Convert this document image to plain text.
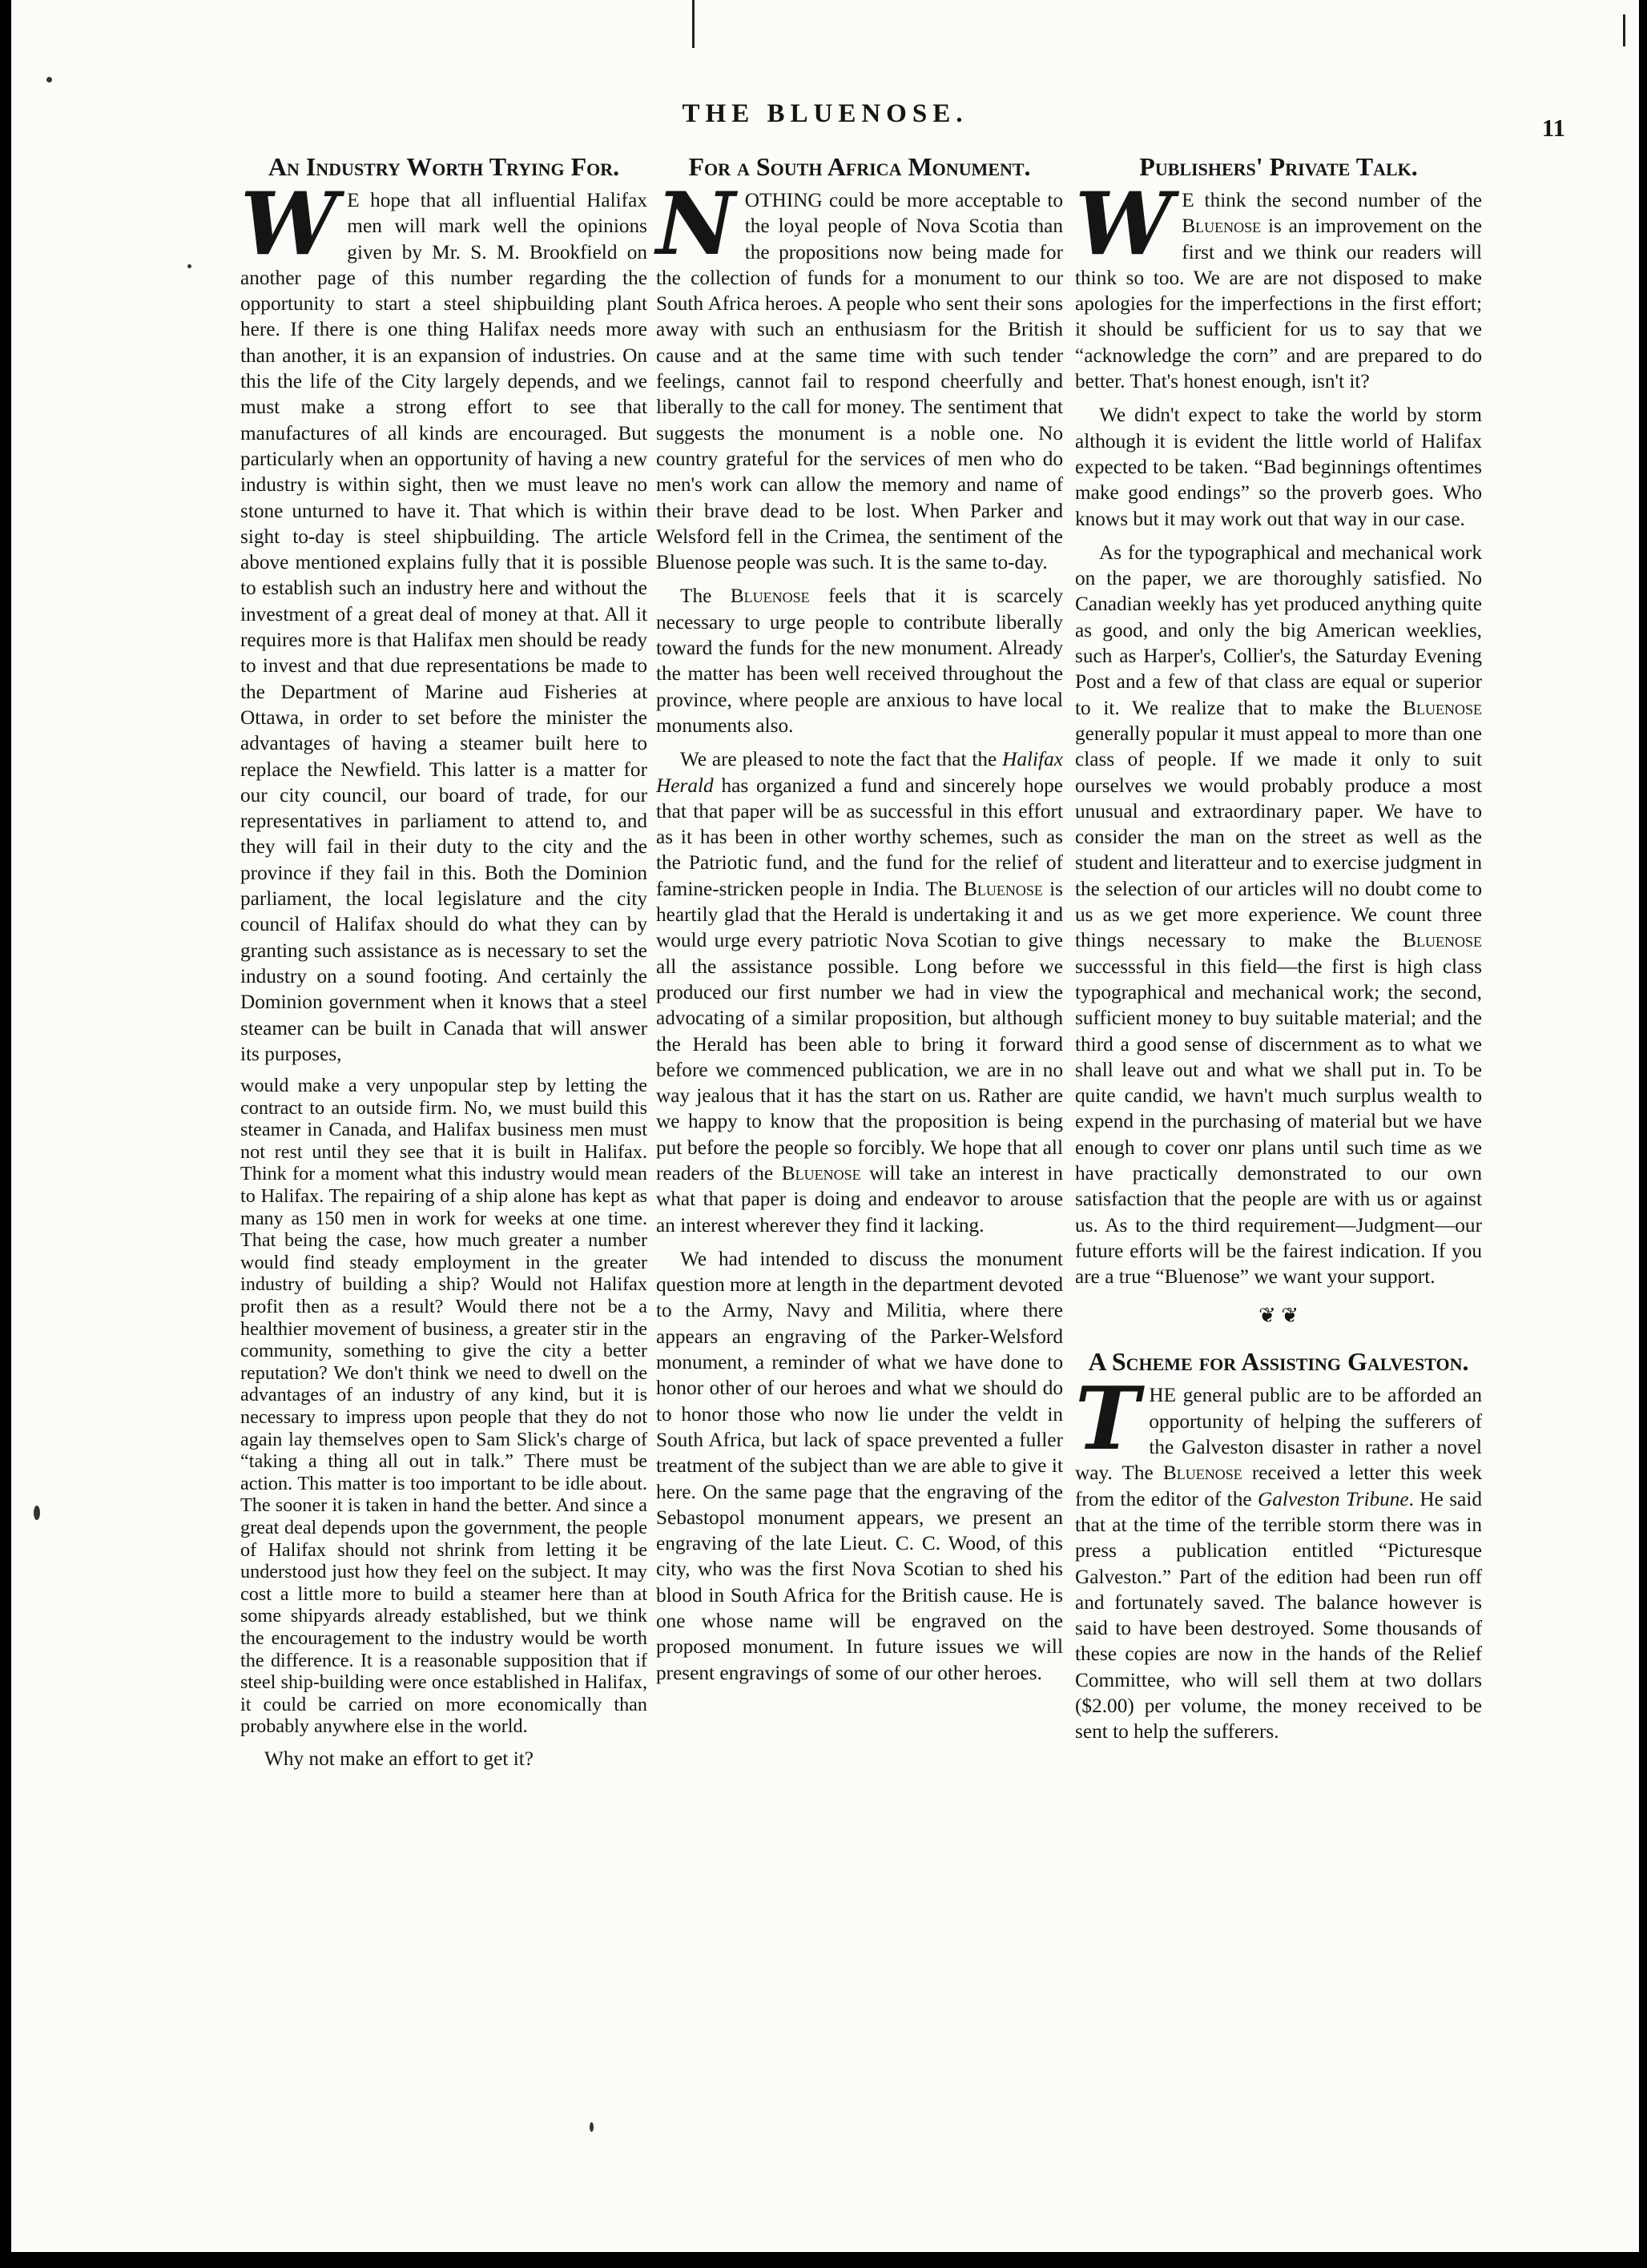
THE BLUENOSE.	11
An Industry Worth Trying For.

W E hope that all influential Halifax men will mark well the opinions given by Mr. S. M. Brookfield on another page of this number regarding the opportunity to start a steel shipbuilding plant here. If there is one thing Halifax needs more than another, it is an expansion of industries. On this the life of the City largely depends, and we must make a strong effort to see that manufactures of all kinds are encouraged. But particularly when an opportunity of having a new industry is within sight, then we must leave no stone unturned to have it. That which is within sight to-day is steel shipbuilding. The article above mentioned explains fully that it is possible to establish such an industry here and without the investment of a great deal of money at that. All it requires more is that Halifax men should be ready to invest and that due representations be made to the Department of Marine aud Fisheries at Ottawa, in order to set before the minister the advantages of having a steamer built here to replace the Newfield. This latter is a matter for our city council, our board of trade, for our representatives in parliament to attend to, and they will fail in their duty to the city and the province if they fail in this. Both the Dominion parliament, the local legislature and the city council of Halifax should do what they can by granting such assistance as is necessary to set the industry on a sound footing. And certainly the Dominion government when it knows that a steel steamer can be built in Canada that will answer its purposes,

would make a very unpopular step by letting the contract to an outside firm. No, we must build this steamer in Canada, and Halifax business men must not rest until they see that it is built in Halifax. Think for a moment what this industry would mean to Halifax. The repairing of a ship alone has kept as many as 150 men in work for weeks at one time. That being the case, how much greater a number would find steady employment in the greater industry of building a ship? Would not Halifax profit then as a result? Would there not be a healthier movement of business, a greater stir in the community, something to give the city a better reputation? We don't think we need to dwell on the advantages of an industry of any kind, but it is necessary to impress upon people that they do not again lay themselves open to Sam Slick's charge of “taking a thing all out in talk.” There must be action. This matter is too important to be idle about. The sooner it is taken in hand the better. And since a great deal depends upon the government, the people of Halifax should not shrink from letting it be understood just how they feel on the subject. It may cost a little more to build a steamer here than at some shipyards already established, but we think the encouragement to the industry would be worth the difference. It is a reasonable supposition that if steel ship-building were once established in Halifax, it could be carried on more economically than probably anywhere else in the world.

Why not make an effort to get it?

For a South Africa Monument.

NOTHING could be more acceptable to the loyal people of Nova Scotia than the propositions now being made for the collection of funds for a monument to our South Africa heroes. A people who sent their sons away with such an enthusiasm for the British cause and at the same time with such tender feelings, cannot fail to respond cheerfully and liberally to the call for money. The sentiment that suggests the monument is a noble one. No country grateful for the services of men who do men's work can allow the memory and name of their brave dead to be lost. When Parker and Welsford fell in the Crimea, the sentiment of the Bluenose people was such. It is the same to-day.

The Bluenose feels that it is scarcely necessary to urge people to contribute liberally toward the funds for the new monument. Already the matter has been well received throughout the province, where people are anxious to have local monuments also.

We are pleased to note the fact that the Halifax Herald has organized a fund and sincerely hope that that paper will be as successful in this effort as it has been in other worthy schemes, such as the Patriotic fund, and the fund for the relief of famine-stricken people in India. The Bluenose is heartily glad that the Herald is undertaking it and would urge every patriotic Nova Scotian to give all the assistance possible. Long before we produced our first number we had in view the advocating of a similar proposition, but although the Herald has been able to bring it forward before we commenced publication, we are in no way jealous that it has the start on us. Rather are we happy to know that the proposition is being put before the people so forcibly. We hope that all readers of the Bluenose will take an interest in what that paper is doing and endeavor to arouse an interest wherever they find it lacking.

We had intended to discuss the monument question more at length in the department devoted to the Army, Navy and Militia, where there appears an engraving of the Parker-Welsford monument, a reminder of what we have done to honor other of our heroes and what we should do to honor those who now lie under the veldt in South Africa, but lack of space prevented a fuller treatment of the subject than we are able to give it here. On the same page that the engraving of the Sebastopol monument appears, we present an engraving of the late Lieut. C. C. Wood, of this city, who was the first Nova Scotian to shed his blood in South Africa for the British cause. He is one whose name will be engraved on the proposed monument. In future issues we will present engravings of some of our other heroes.

Publishers' Private Talk.

W E think the second number of the Bluenose is an improvement on the first and we think our readers will think so too. We are are not disposed to make apologies for the imperfections in the first effort; it should be sufficient for us to say that we “acknowledge the corn” and are prepared to do better. That's honest enough, isn't it?

We didn't expect to take the world by storm although it is evident the little world of Halifax expected to be taken. “Bad beginnings oftentimes make good endings” so the proverb goes. Who knows but it may work out that way in our case.

As for the typographical and mechanical work on the paper, we are thoroughly satisfied. No Canadian weekly has yet produced anything quite as good, and only the big American weeklies, such as Harper's, Collier's, the Saturday Evening Post and a few of that class are equal or superior to it. We realize that to make the Bluenose generally popular it must appeal to more than one class of people. If we made it only to suit ourselves we would probably produce a most unusual and extraordinary paper. We have to consider the man on the street as well as the student and literatteur and to exercise judgment in the selection of our articles will no doubt come to us as we get more experience. We count three things necessary to make the Bluenose successsful in this field—the first is high class typographical and mechanical work; the second, sufficient money to buy suitable material; and the third a good sense of discernment as to what we shall leave out and what we shall put in. To be quite candid, we havn't much surplus wealth to expend in the purchasing of material but we have enough to cover onr plans until such time as we have practically demonstrated to our own satisfaction that the people are with us or against us. As to the third requirement—Judgment—our future efforts will be the fairest indication. If you are a true “Bluenose” we want your support.

❦ ❦
A Scheme for Assisting Galveston.

THE general public are to be afforded an opportunity of helping the sufferers of the Galveston disaster in rather a novel way. The Bluenose received a letter this week from the editor of the Galveston Tribune. He said that at the time of the terrible storm there was in press a publication entitled “Picturesque Galveston.” Part of the edition had been run off and fortunately saved. The balance however is said to have been destroyed. Some thousands of these copies are now in the hands of the Relief Committee, who will sell them at two dollars ($2.00) per volume, the money received to be sent to help the sufferers.
